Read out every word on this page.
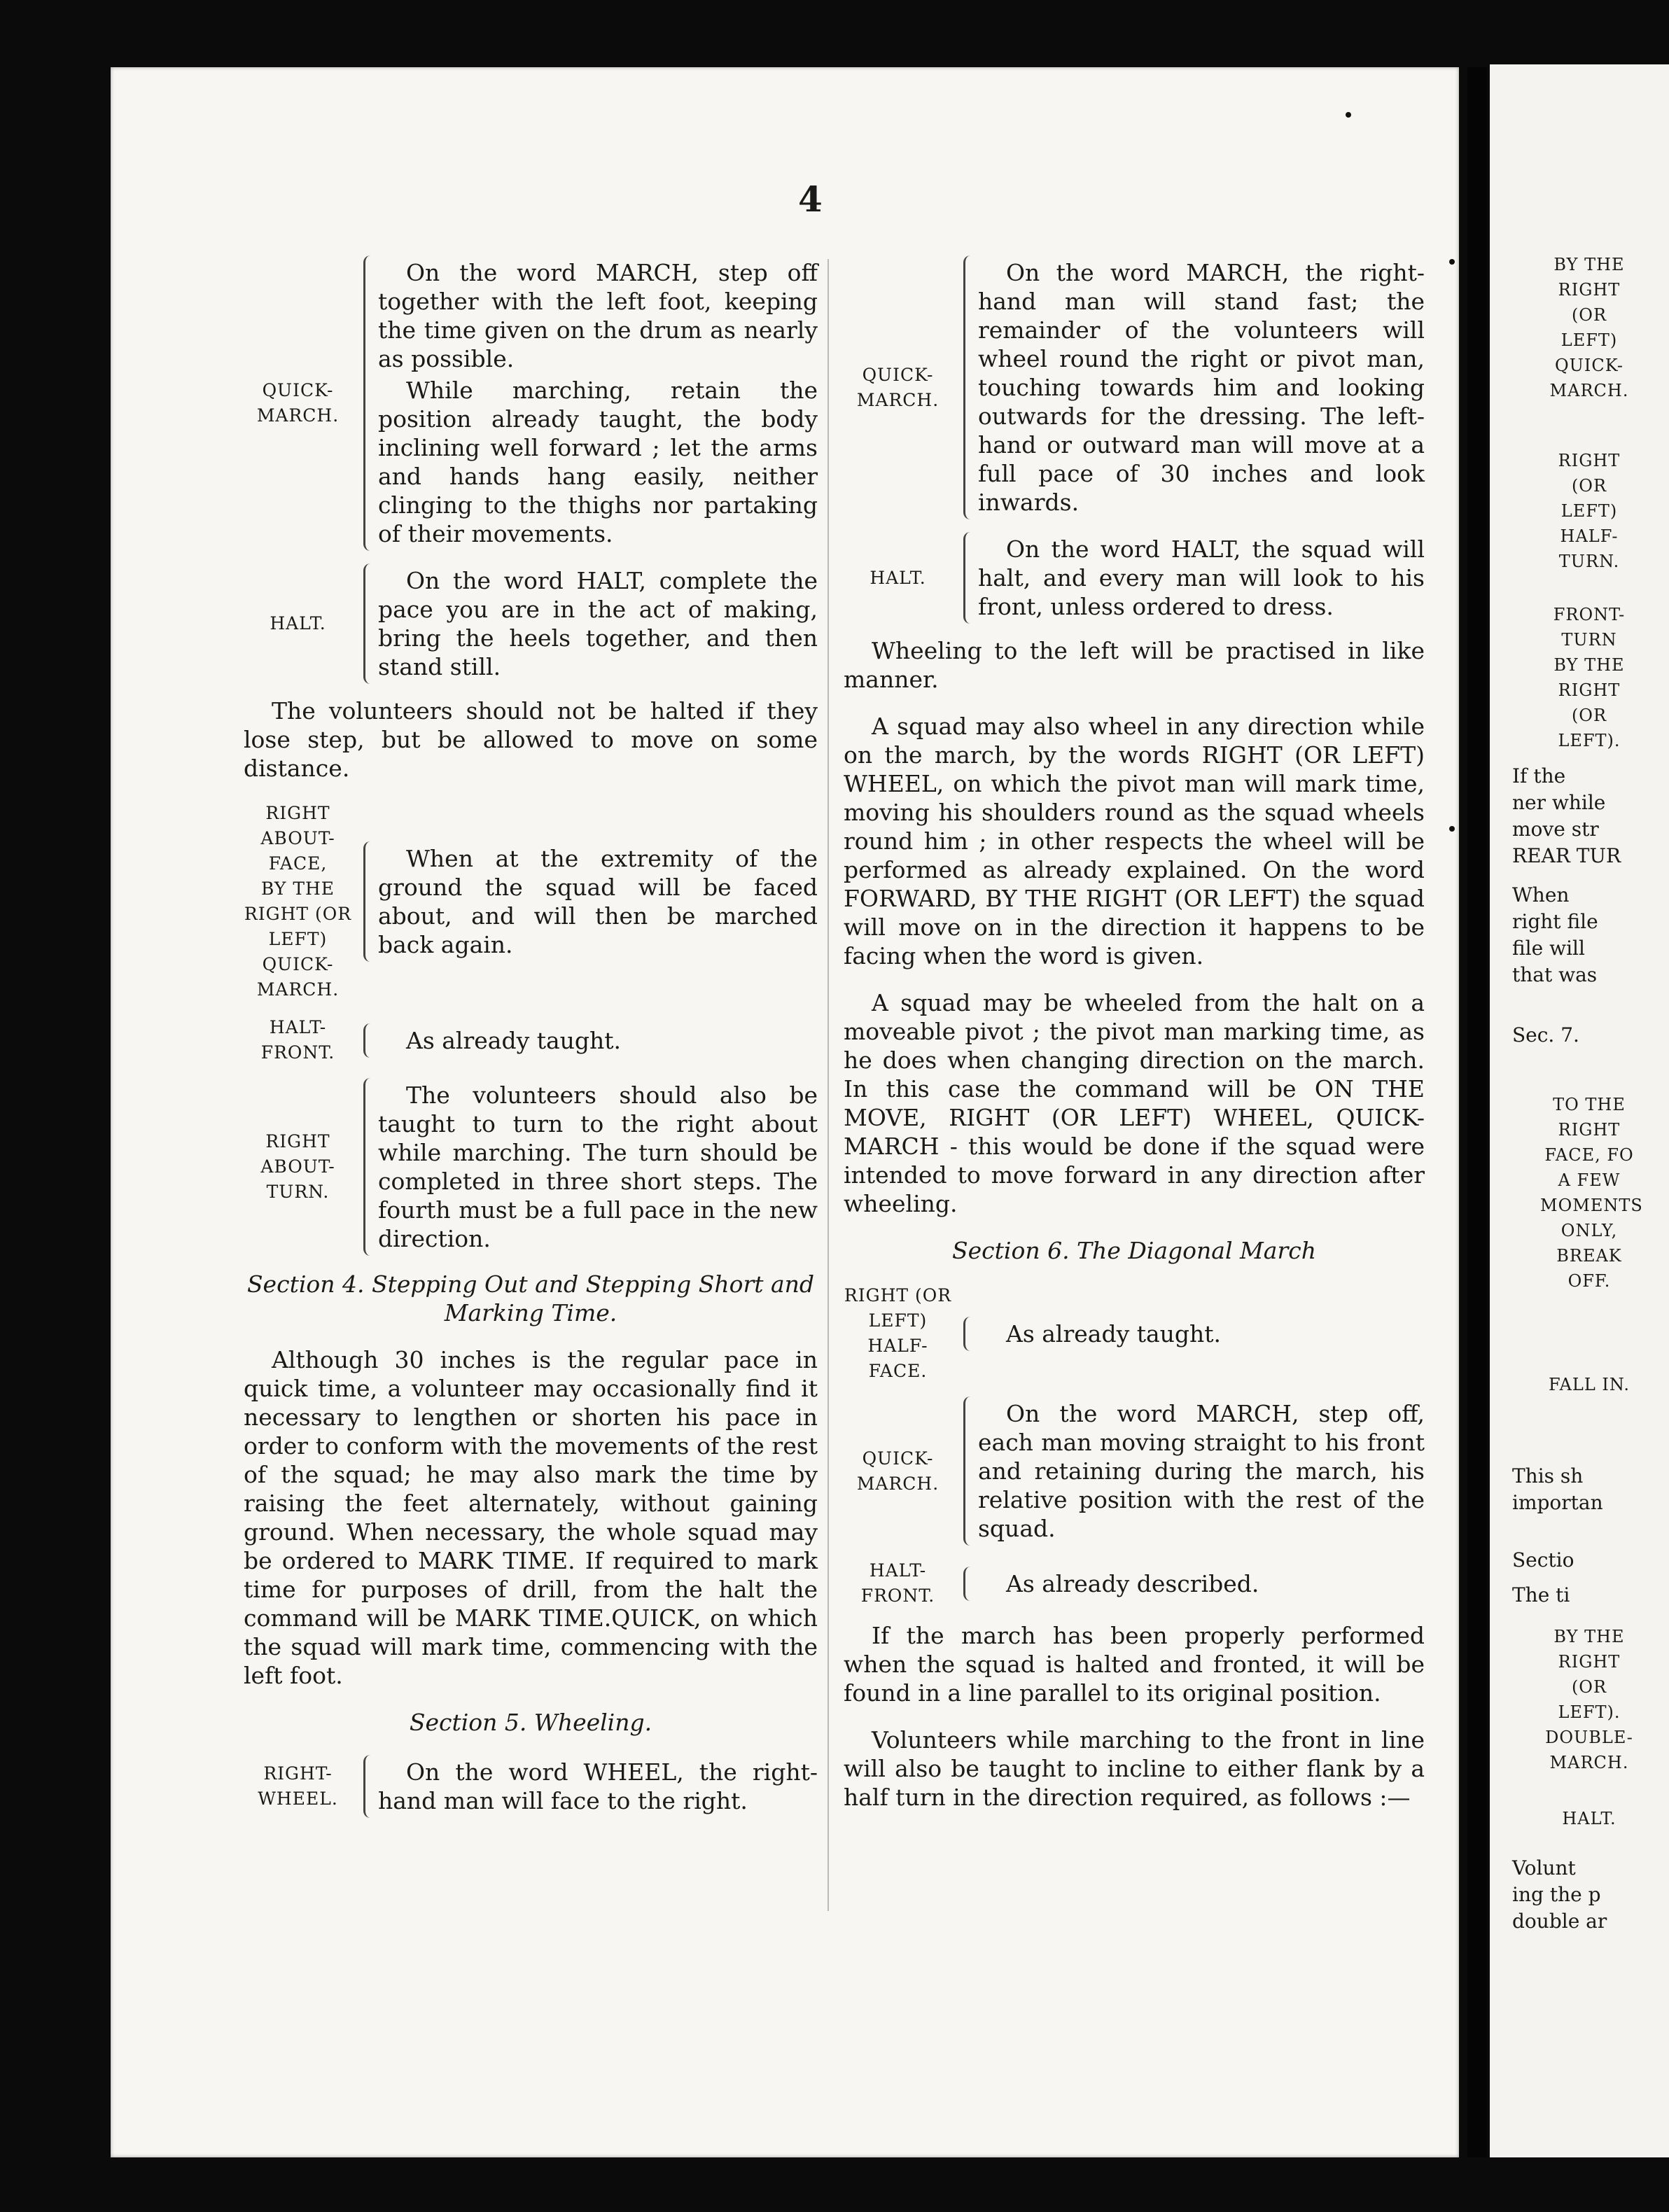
4
QUICK-
MARCH.

On the word MARCH, step off together with the left foot, keeping the time given on the drum as nearly as possible.

While marching, retain the position already taught, the body inclining well forward ; let the arms and hands hang easily, neither clinging to the thighs nor partaking of their movements.

HALT.

On the word HALT, complete the pace you are in the act of making, bring the heels together, and then stand still.

The volunteers should not be halted if they lose step, but be allowed to move on some distance.

RIGHT
ABOUT-
FACE,
BY THE
RIGHT (OR
LEFT)
QUICK-
MARCH.

When at the extremity of the ground the squad will be faced about, and will then be marched back again.

HALT-
FRONT.	As already taught.

RIGHT
ABOUT-
TURN.

The volunteers should also be taught to turn to the right about while marching. The turn should be completed in three short steps. The fourth must be a full pace in the new direction.

Section 4. Stepping Out and Stepping Short and Marking Time.

Although 30 inches is the regular pace in quick time, a volunteer may occasionally find it necessary to lengthen or shorten his pace in order to conform with the movements of the rest of the squad; he may also mark the time by raising the feet alternately, without gaining ground. When necessary, the whole squad may be ordered to MARK TIME. If required to mark time for purposes of drill, from the halt the command will be MARK TIME.QUICK, on which the squad will mark time, commencing with the left foot.

Section 5. Wheeling.
RIGHT-
WHEEL.

On the word WHEEL, the right-hand man will face to the right.

QUICK-
MARCH.

On the word MARCH, the right-hand man will stand fast; the remainder of the volunteers will wheel round the right or pivot man, touching towards him and looking outwards for the dressing. The left-hand or outward man will move at a full pace of 30 inches and look inwards.

HALT.

On the word HALT, the squad will halt, and every man will look to his front, unless ordered to dress.

Wheeling to the left will be practised in like manner.

A squad may also wheel in any direction while on the march, by the words RIGHT (OR LEFT) WHEEL, on which the pivot man will mark time, moving his shoulders round as the squad wheels round him ; in other respects the wheel will be performed as already explained. On the word FORWARD, BY THE RIGHT (OR LEFT) the squad will move on in the direction it happens to be facing when the word is given.

A squad may be wheeled from the halt on a moveable pivot ; the pivot man marking time, as he does when changing direction on the march. In this case the command will be ON THE MOVE, RIGHT (OR LEFT) WHEEL, QUICK-MARCH - this would be done if the squad were intended to move forward in any direction after wheeling.

Section 6. The Diagonal March
RIGHT (OR
LEFT)
HALF-
FACE.

As already taught.

QUICK-
MARCH.

On the word MARCH, step off, each man moving straight to his front and retaining during the march, his relative position with the rest of the squad.

HALT-
FRONT.	As already described.

If the march has been properly performed when the squad is halted and fronted, it will be found in a line parallel to its original position.

Volunteers while marching to the front in line will also be taught to incline to either flank by a half turn in the direction required, as follows :—

BY THE
RIGHT (OR
LEFT)
QUICK-
MARCH.
RIGHT (OR
LEFT)
HALF-
TURN.
FRONT-
TURN
BY THE
RIGHT (OR
LEFT).
If the
ner while
move str
REAR TUR
When
right file
file will
that was
Sec. 7.
TO THE
RIGHT
FACE, FO
A FEW
MOMENTS
ONLY,
BREAK
OFF.
FALL IN.
This sh
importan
Sectio
The ti
BY THE
RIGHT (OR
LEFT).
DOUBLE-
MARCH.
HALT.
Volunt
ing the p
double ar
